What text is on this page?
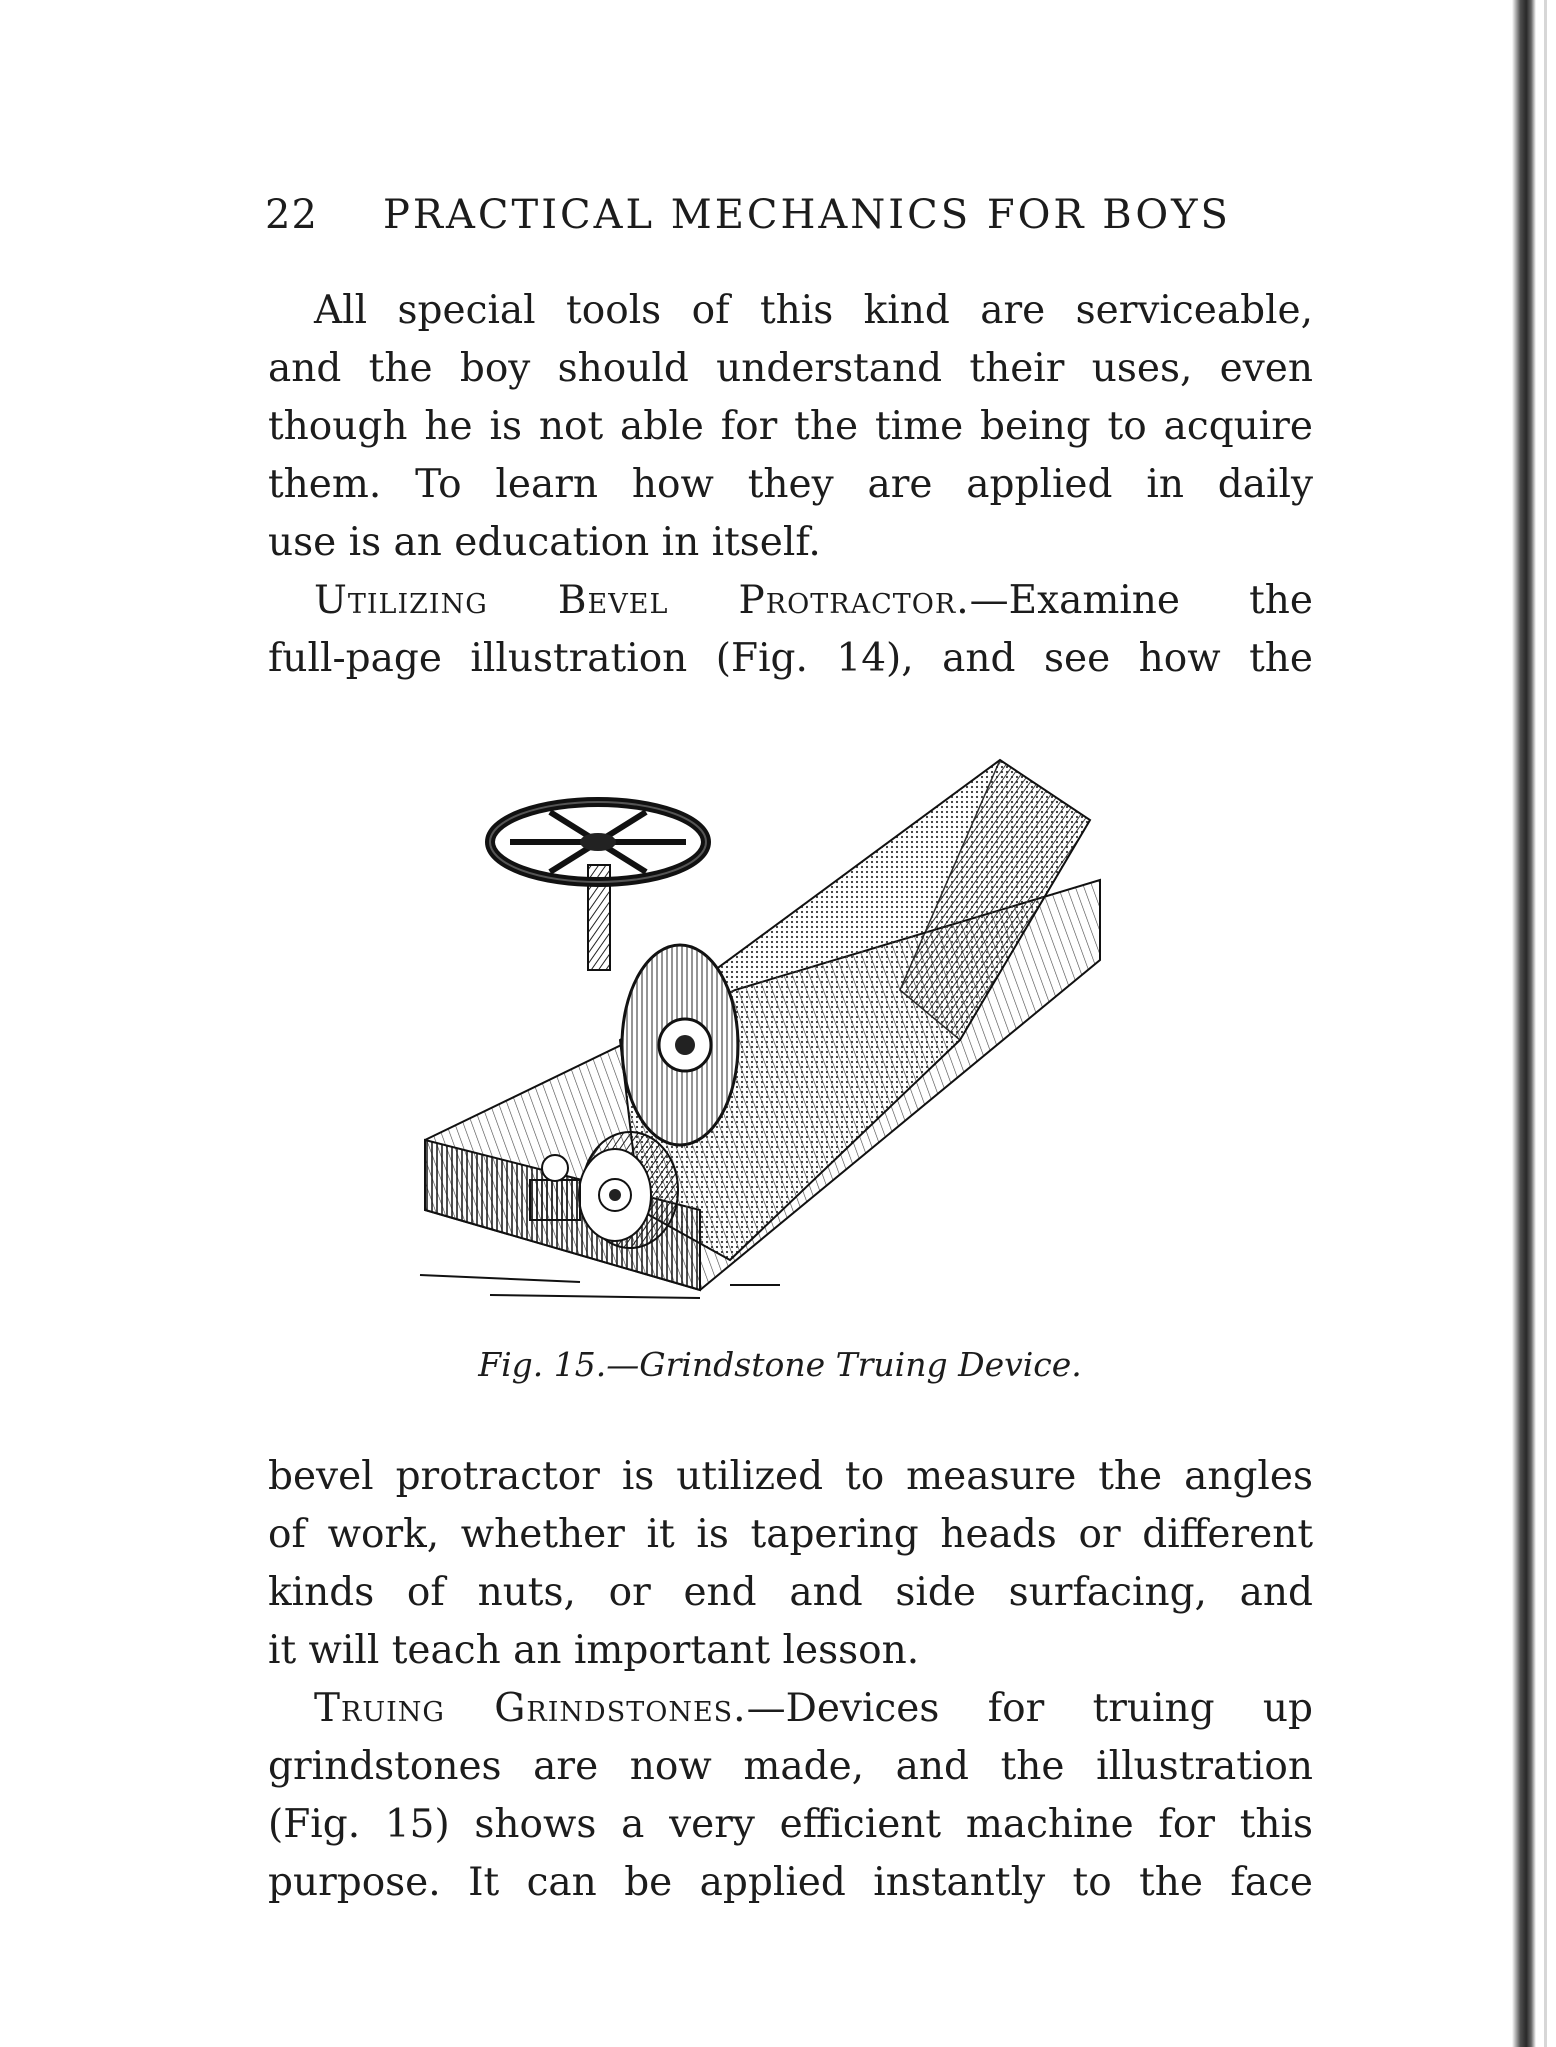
22 PRACTICAL MECHANICS FOR BOYS
All special tools of this kind are serviceable,
and the boy should understand their uses, even
though he is not able for the time being to acquire
them. To learn how they are applied in daily
use is an education in itself.
Utilizing Bevel Protractor.—Examine the
full-page illustration (Fig. 14), and see how the
Fig. 15.—Grindstone Truing Device.
bevel protractor is utilized to measure the angles
of work, whether it is tapering heads or different
kinds of nuts, or end and side surfacing, and
it will teach an important lesson.
Truing Grindstones.—Devices for truing up
grindstones are now made, and the illustration
(Fig. 15) shows a very efficient machine for this
purpose. It can be applied instantly to the face
